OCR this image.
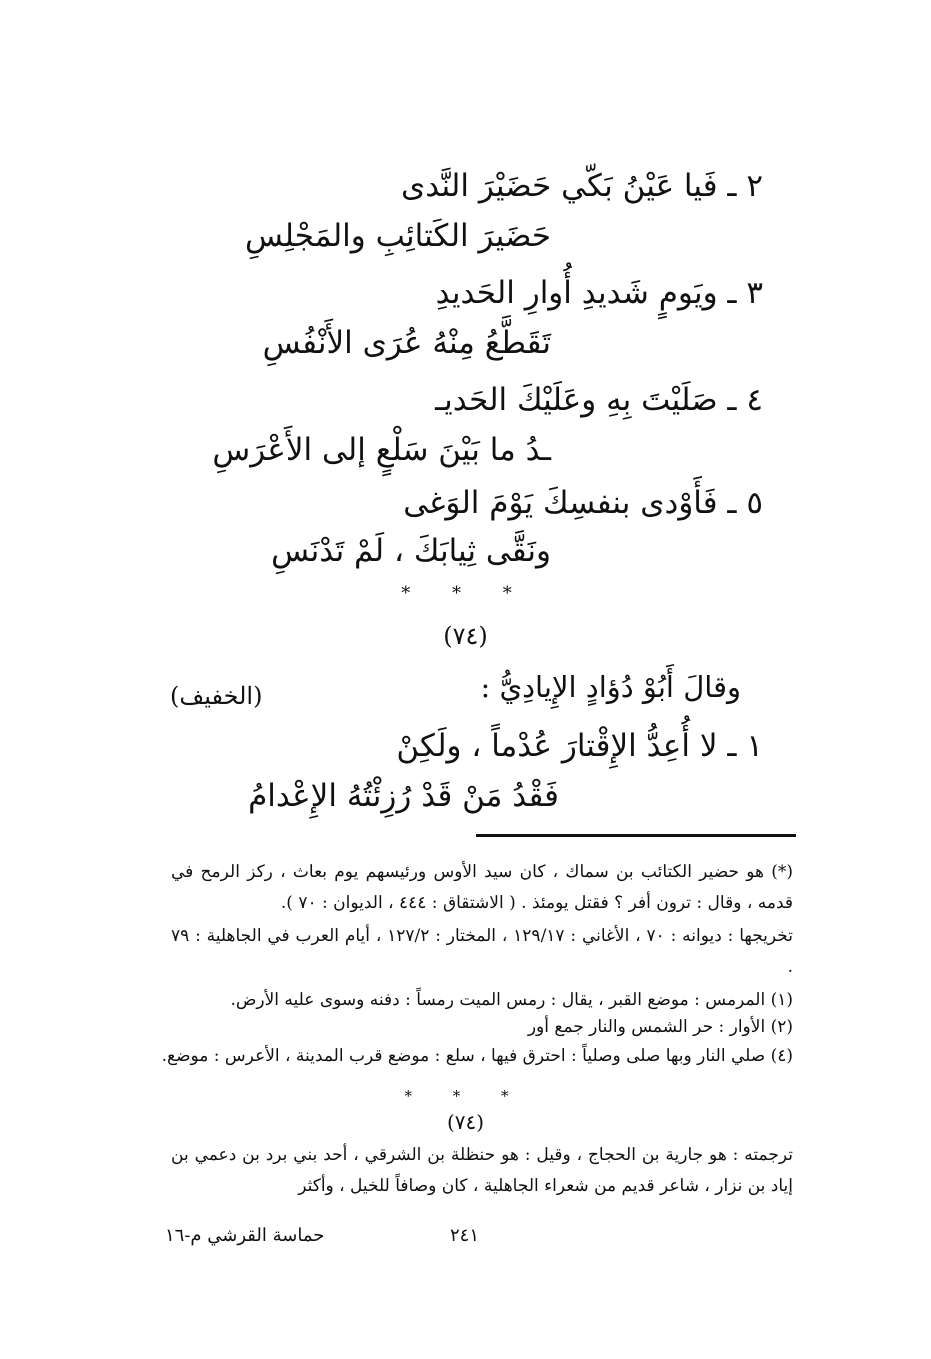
٢ ـ فَيا عَيْنُ بَكّي حَضَيْرَ النَّدى
حَضَيرَ الكَتائِبِ والمَجْلِسِ
٣ ـ ويَومٍ شَديدِ أُوارِ الحَديدِ
تَقَطَّعُ مِنْهُ عُرَى الأَنْفُسِ
٤ ـ صَلَيْتَ بِهِ وعَلَيْكَ الحَديـ
ـدُ ما بَيْنَ سَلْعٍ إلى الأَعْرَسِ
٥ ـ فَأَوْدى بنفسِكَ يَوْمَ الوَغى
ونَقَّى ثِيابَكَ ، لَمْ تَدْنَسِ
* * *
(٧٤)
وقالَ أَبُوْ دُؤادٍ الإِيادِيُّ :
(الخفيف)
١ ـ لا أُعِدُّ الإِقْتارَ عُدْماً ، ولَكِنْ
فَقْدُ مَنْ قَدْ رُزِئْتُهُ الإِعْدامُ
(*) هو حضير الكتائب بن سماك ، كان سيد الأوس ورئيسهم يوم بعاث ، ركز الرمح في قدمه ، وقال : ترون أفر ؟ فقتل يومئذ . ( الاشتقاق : ٤٤٤ ، الديوان : ٧٠ ).
تخريجها : ديوانه : ٧٠ ، الأغاني : ١٢٩/١٧ ، المختار : ١٢٧/٢ ، أيام العرب في الجاهلية : ٧٩ .
(١) المرمس : موضع القبر ، يقال : رمس الميت رمساً : دفنه وسوى عليه الأرض.
(٢) الأوار : حر الشمس والنار جمع أور
(٤) صلي النار وبها صلى وصلياً : احترق فيها ، سلع : موضع قرب المدينة ، الأعرس : موضع.
* * *
(٧٤)
ترجمته : هو جارية بن الحجاج ، وقيل : هو حنظلة بن الشرقي ، أحد بني برد بن دعمي بن إياد بن نزار ، شاعر قديم من شعراء الجاهلية ، كان وصافاً للخيل ، وأكثر
٢٤١
حماسة القرشي م-١٦
